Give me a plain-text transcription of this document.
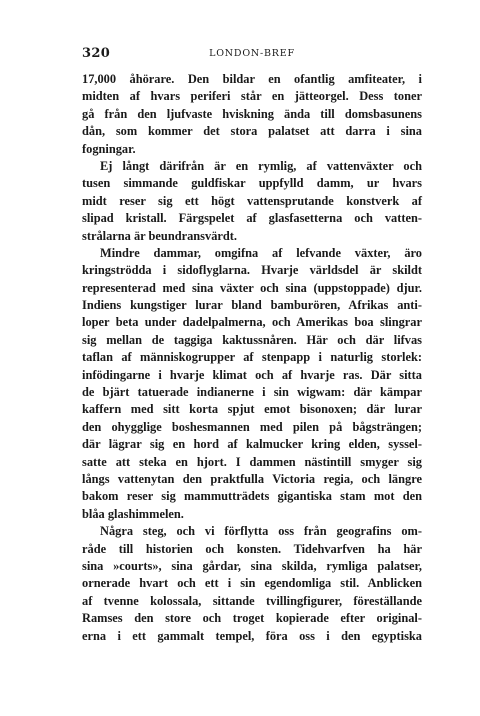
320	LONDON-BREF
17,000 åhörare. Den bildar en ofantlig amfiteater, i
midten af hvars periferi står en jätteorgel. Dess toner
gå från den ljufvaste hviskning ända till domsbasunens
dån, som kommer det stora palatset att darra i sina
fogningar.
Ej långt därifrån är en rymlig, af vattenväxter och
tusen simmande guldfiskar uppfylld damm, ur hvars
midt reser sig ett högt vattensprutande konstverk af
slipad kristall. Färgspelet af glasfasetterna och vatten-
strålarna är beundransvärdt.
Mindre dammar, omgifna af lefvande växter, äro
kringströdda i sidoflyglarna. Hvarje världsdel är skildt
representerad med sina växter och sina (uppstoppade) djur.
Indiens kungstiger lurar bland bamburören, Afrikas anti-
loper beta under dadelpalmerna, och Amerikas boa slingrar
sig mellan de taggiga kaktussnåren. Här och där lifvas
taflan af människogrupper af stenpapp i naturlig storlek:
infödingarne i hvarje klimat och af hvarje ras. Där sitta
de bjärt tatuerade indianerne i sin wigwam: där kämpar
kaffern med sitt korta spjut emot bisonoxen; där lurar
den ohygglige boshesmannen med pilen på bågsträngen;
där lägrar sig en hord af kalmucker kring elden, syssel-
satte att steka en hjort. I dammen nästintill smyger sig
långs vattenytan den praktfulla Victoria regia, och längre
bakom reser sig mammutträdets gigantiska stam mot den
blåa glashimmelen.
Några steg, och vi förflytta oss från geografins om-
råde till historien och konsten. Tidehvarfven ha här
sina »courts», sina gårdar, sina skilda, rymliga palatser,
ornerade hvart och ett i sin egendomliga stil. Anblicken
af tvenne kolossala, sittande tvillingfigurer, föreställande
Ramses den store och troget kopierade efter original-
erna i ett gammalt tempel, föra oss i den egyptiska
